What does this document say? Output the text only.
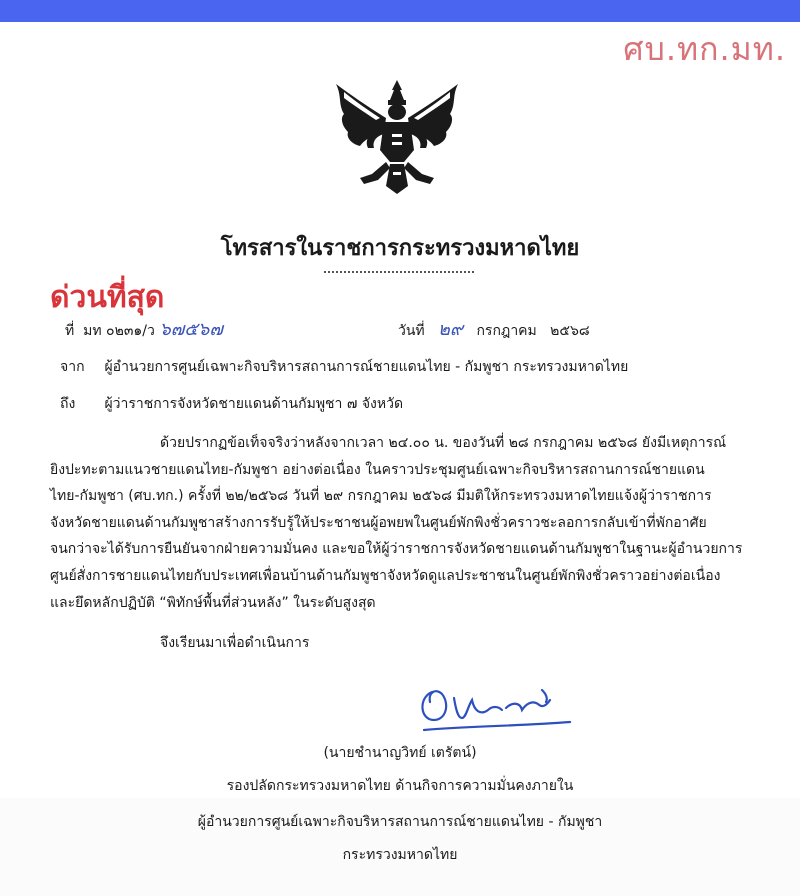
ศบ.ทก.มท.
โทรสารในราชการกระทรวงมหาดไทย
ด่วนที่สุด
ที่ มท ๐๒๓๑/ว ๖๗๕๖๗	วันที่ ๒๙ กรกฎาคม   ๒๕๖๘
จาก ผู้อำนวยการศูนย์เฉพาะกิจบริหารสถานการณ์ชายแดนไทย - กัมพูชา กระทรวงมหาดไทย
ถึง ผู้ว่าราชการจังหวัดชายแดนด้านกัมพูชา ๗ จังหวัด

ด้วยปรากฏข้อเท็จจริงว่าหลังจากเวลา ๒๔.๐๐ น. ของวันที่ ๒๘ กรกฎาคม ๒๕๖๘ ยังมีเหตุการณ์

ยิงปะทะตามแนวชายแดนไทย-กัมพูชา อย่างต่อเนื่อง ในคราวประชุมศูนย์เฉพาะกิจบริหารสถานการณ์ชายแดน

ไทย-กัมพูชา (ศบ.ทก.) ครั้งที่ ๒๒/๒๕๖๘ วันที่ ๒๙ กรกฎาคม ๒๕๖๘ มีมติให้กระทรวงมหาดไทยแจ้งผู้ว่าราชการ

จังหวัดชายแดนด้านกัมพูชาสร้างการรับรู้ให้ประชาชนผู้อพยพในศูนย์พักพิงชั่วคราวชะลอการกลับเข้าที่พักอาศัย

จนกว่าจะได้รับการยืนยันจากฝ่ายความมั่นคง และขอให้ผู้ว่าราชการจังหวัดชายแดนด้านกัมพูชาในฐานะผู้อำนวยการ

ศูนย์สั่งการชายแดนไทยกับประเทศเพื่อนบ้านด้านกัมพูชาจังหวัดดูแลประชาชนในศูนย์พักพิงชั่วคราวอย่างต่อเนื่อง

และยึดหลักปฏิบัติ “พิทักษ์พื้นที่ส่วนหลัง” ในระดับสูงสุด

จึงเรียนมาเพื่อดำเนินการ

(นายชำนาญวิทย์ เตรัตน์)
รองปลัดกระทรวงมหาดไทย ด้านกิจการความมั่นคงภายใน
ผู้อำนวยการศูนย์เฉพาะกิจบริหารสถานการณ์ชายแดนไทย - กัมพูชา
กระทรวงมหาดไทย
